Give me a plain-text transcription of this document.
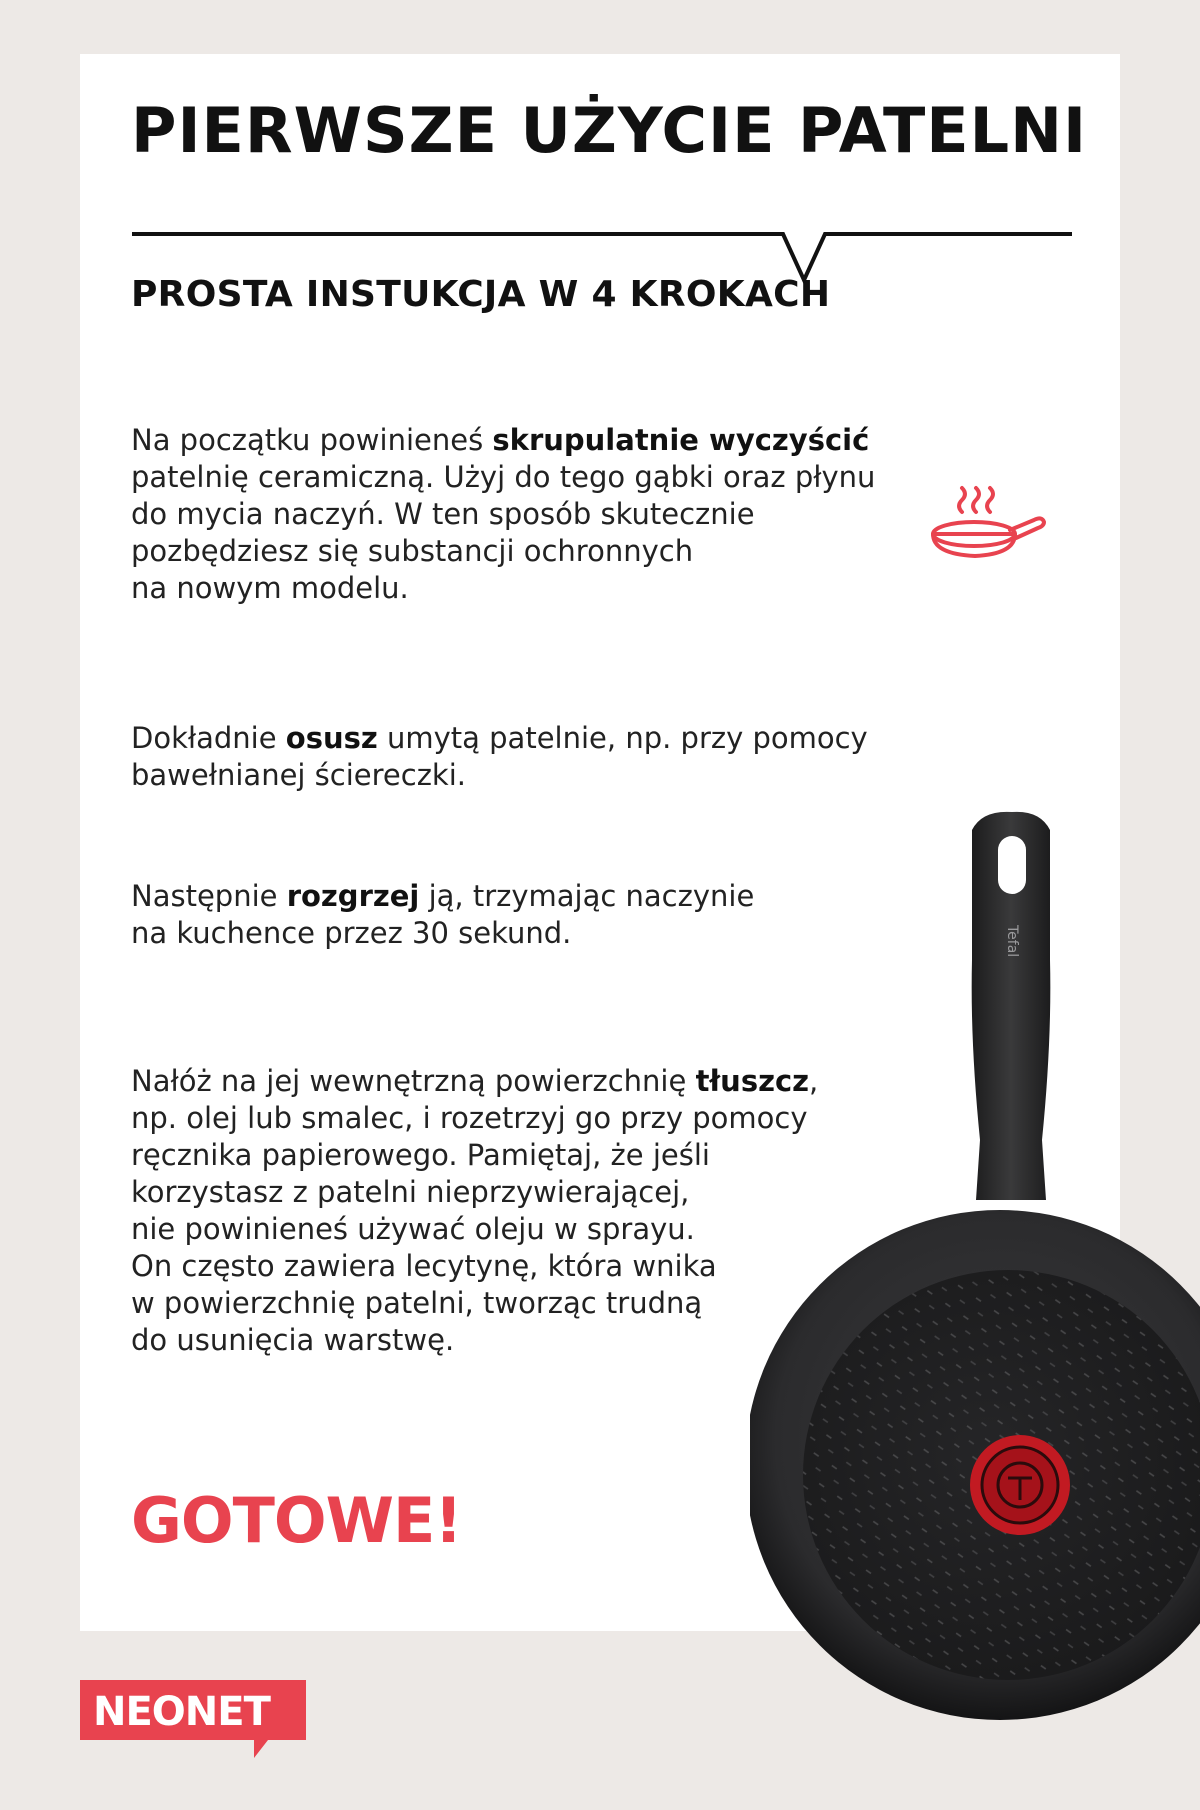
PIERWSZE UŻYCIE PATELNI
PROSTA INSTUKCJA W 4 KROKACH

Na początku powinieneś skrupulatnie wyczyścić
patelnię ceramiczną. Użyj do tego gąbki oraz płynu
do mycia naczyń. W ten sposób skutecznie
pozbędziesz się substancji ochronnych
na nowym modelu.

Dokładnie osusz umytą patelnie, np. przy pomocy
bawełnianej ściereczki.

Następnie rozgrzej ją, trzymając naczynie
na kuchence przez 30 sekund.

Nałóż na jej wewnętrzną powierzchnię tłuszcz,
np. olej lub smalec, i rozetrzyj go przy pomocy
ręcznika papierowego. Pamiętaj, że jeśli
korzystasz z patelni nieprzywierającej,
nie powinieneś używać oleju w sprayu.
On często zawiera lecytynę, która wnika
w powierzchnię patelni, tworząc trudną
do usunięcia warstwę.

GOTOWE!
Tefal
NEONET
